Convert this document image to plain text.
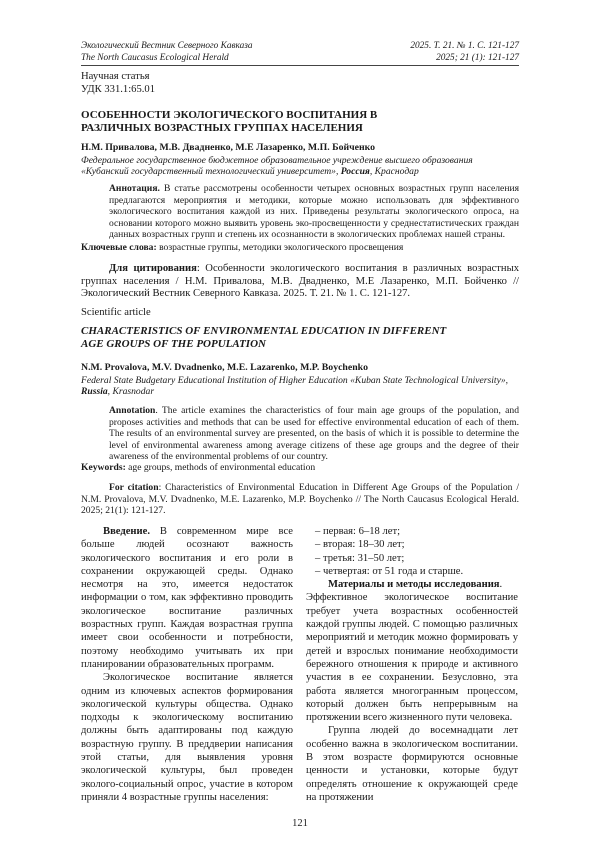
Экологический Вестник Северного Кавказа
The North Caucasus Ecological Herald
2025. Т. 21. № 1. С. 121-127
2025; 21 (1): 121-127
Научная статья
УДК 331.1:65.01
ОСОБЕННОСТИ ЭКОЛОГИЧЕСКОГО ВОСПИТАНИЯ В РАЗЛИЧНЫХ ВОЗРАСТНЫХ ГРУППАХ НАСЕЛЕНИЯ
Н.М. Привалова, М.В. Двадненко, М.Е Лазаренко, М.П. Бойченко
Федеральное государственное бюджетное образовательное учреждение высшего образования «Кубанский государственный технологический университет», Россия, Краснодар
Аннотация. В статье рассмотрены особенности четырех основных возрастных групп населения предлагаются мероприятия и методики, которые можно использовать для эффективного экологического воспитания каждой из них. Приведены результаты экологического опроса, на основании которого можно выявить уровень эко-просвещенности у среднестатистических граждан данных возрастных групп и степень их осознанности в экологических проблемах нашей страны.
Ключевые слова: возрастные группы, методики экологического просвещения
Для цитирования: Особенности экологического воспитания в различных возрастных группах населения / Н.М. Привалова, М.В. Двадненко, М.Е Лазаренко, М.П. Бойченко // Экологический Вестник Северного Кавказа. 2025. Т. 21. № 1. С. 121-127.
Scientific article
CHARACTERISTICS OF ENVIRONMENTAL EDUCATION IN DIFFERENT AGE GROUPS OF THE POPULATION
N.M. Provalova, M.V. Dvadnenko, M.E. Lazarenko, M.P. Boychenko
Federal State Budgetary Educational Institution of Higher Education «Kuban State Technological University», Russia, Krasnodar
Annotation. The article examines the characteristics of four main age groups of the population, and proposes activities and methods that can be used for effective environmental education of each of them. The results of an environmental survey are presented, on the basis of which it is possible to determine the level of environmental awareness among average citizens of these age groups and the degree of their awareness of the environmental problems of our country.
Keywords: age groups, methods of environmental education
For citation: Characteristics of Environmental Education in Different Age Groups of the Population / N.M. Provalova, M.V. Dvadnenko, M.E. Lazarenko, M.P. Boychenko // The North Caucasus Ecological Herald. 2025; 21(1): 121-127.

Введение. В современном мире все больше людей осознают важность экологического воспитания и его роли в сохранении окружающей среды. Однако несмотря на это, имеется недостаток информации о том, как эффективно проводить экологическое воспитание различных возрастных групп. Каждая возрастная группа имеет свои особенности и потребности, поэтому необходимо учитывать их при планировании образовательных программ.

Экологическое воспитание является одним из ключевых аспектов формирования экологической культуры общества. Однако подходы к экологическому воспитанию должны быть адаптированы под каждую возрастную группу. В преддверии написания этой статьи, для выявления уровня экологической культуры, был проведен эколого-социальный опрос, участие в котором приняли 4 возрастные группы населения:

– первая: 6–18 лет;
– вторая: 18–30 лет;
– третья: 31–50 лет;
– четвертая: от 51 года и старше.

Материалы и методы исследования.

Эффективное экологическое воспитание требует учета возрастных особенностей каждой группы людей. С помощью различных мероприятий и методик можно формировать у детей и взрослых понимание необходимости бережного отношения к природе и активного участия в ее сохранении. Безусловно, эта работа является многогранным процессом, который должен быть непрерывным на протяжении всего жизненного пути человека.

Группа людей до восемнадцати лет особенно важна в экологическом воспитании. В этом возрасте формируются основные ценности и установки, которые будут определять отношение к окружающей среде на протяжении

121
